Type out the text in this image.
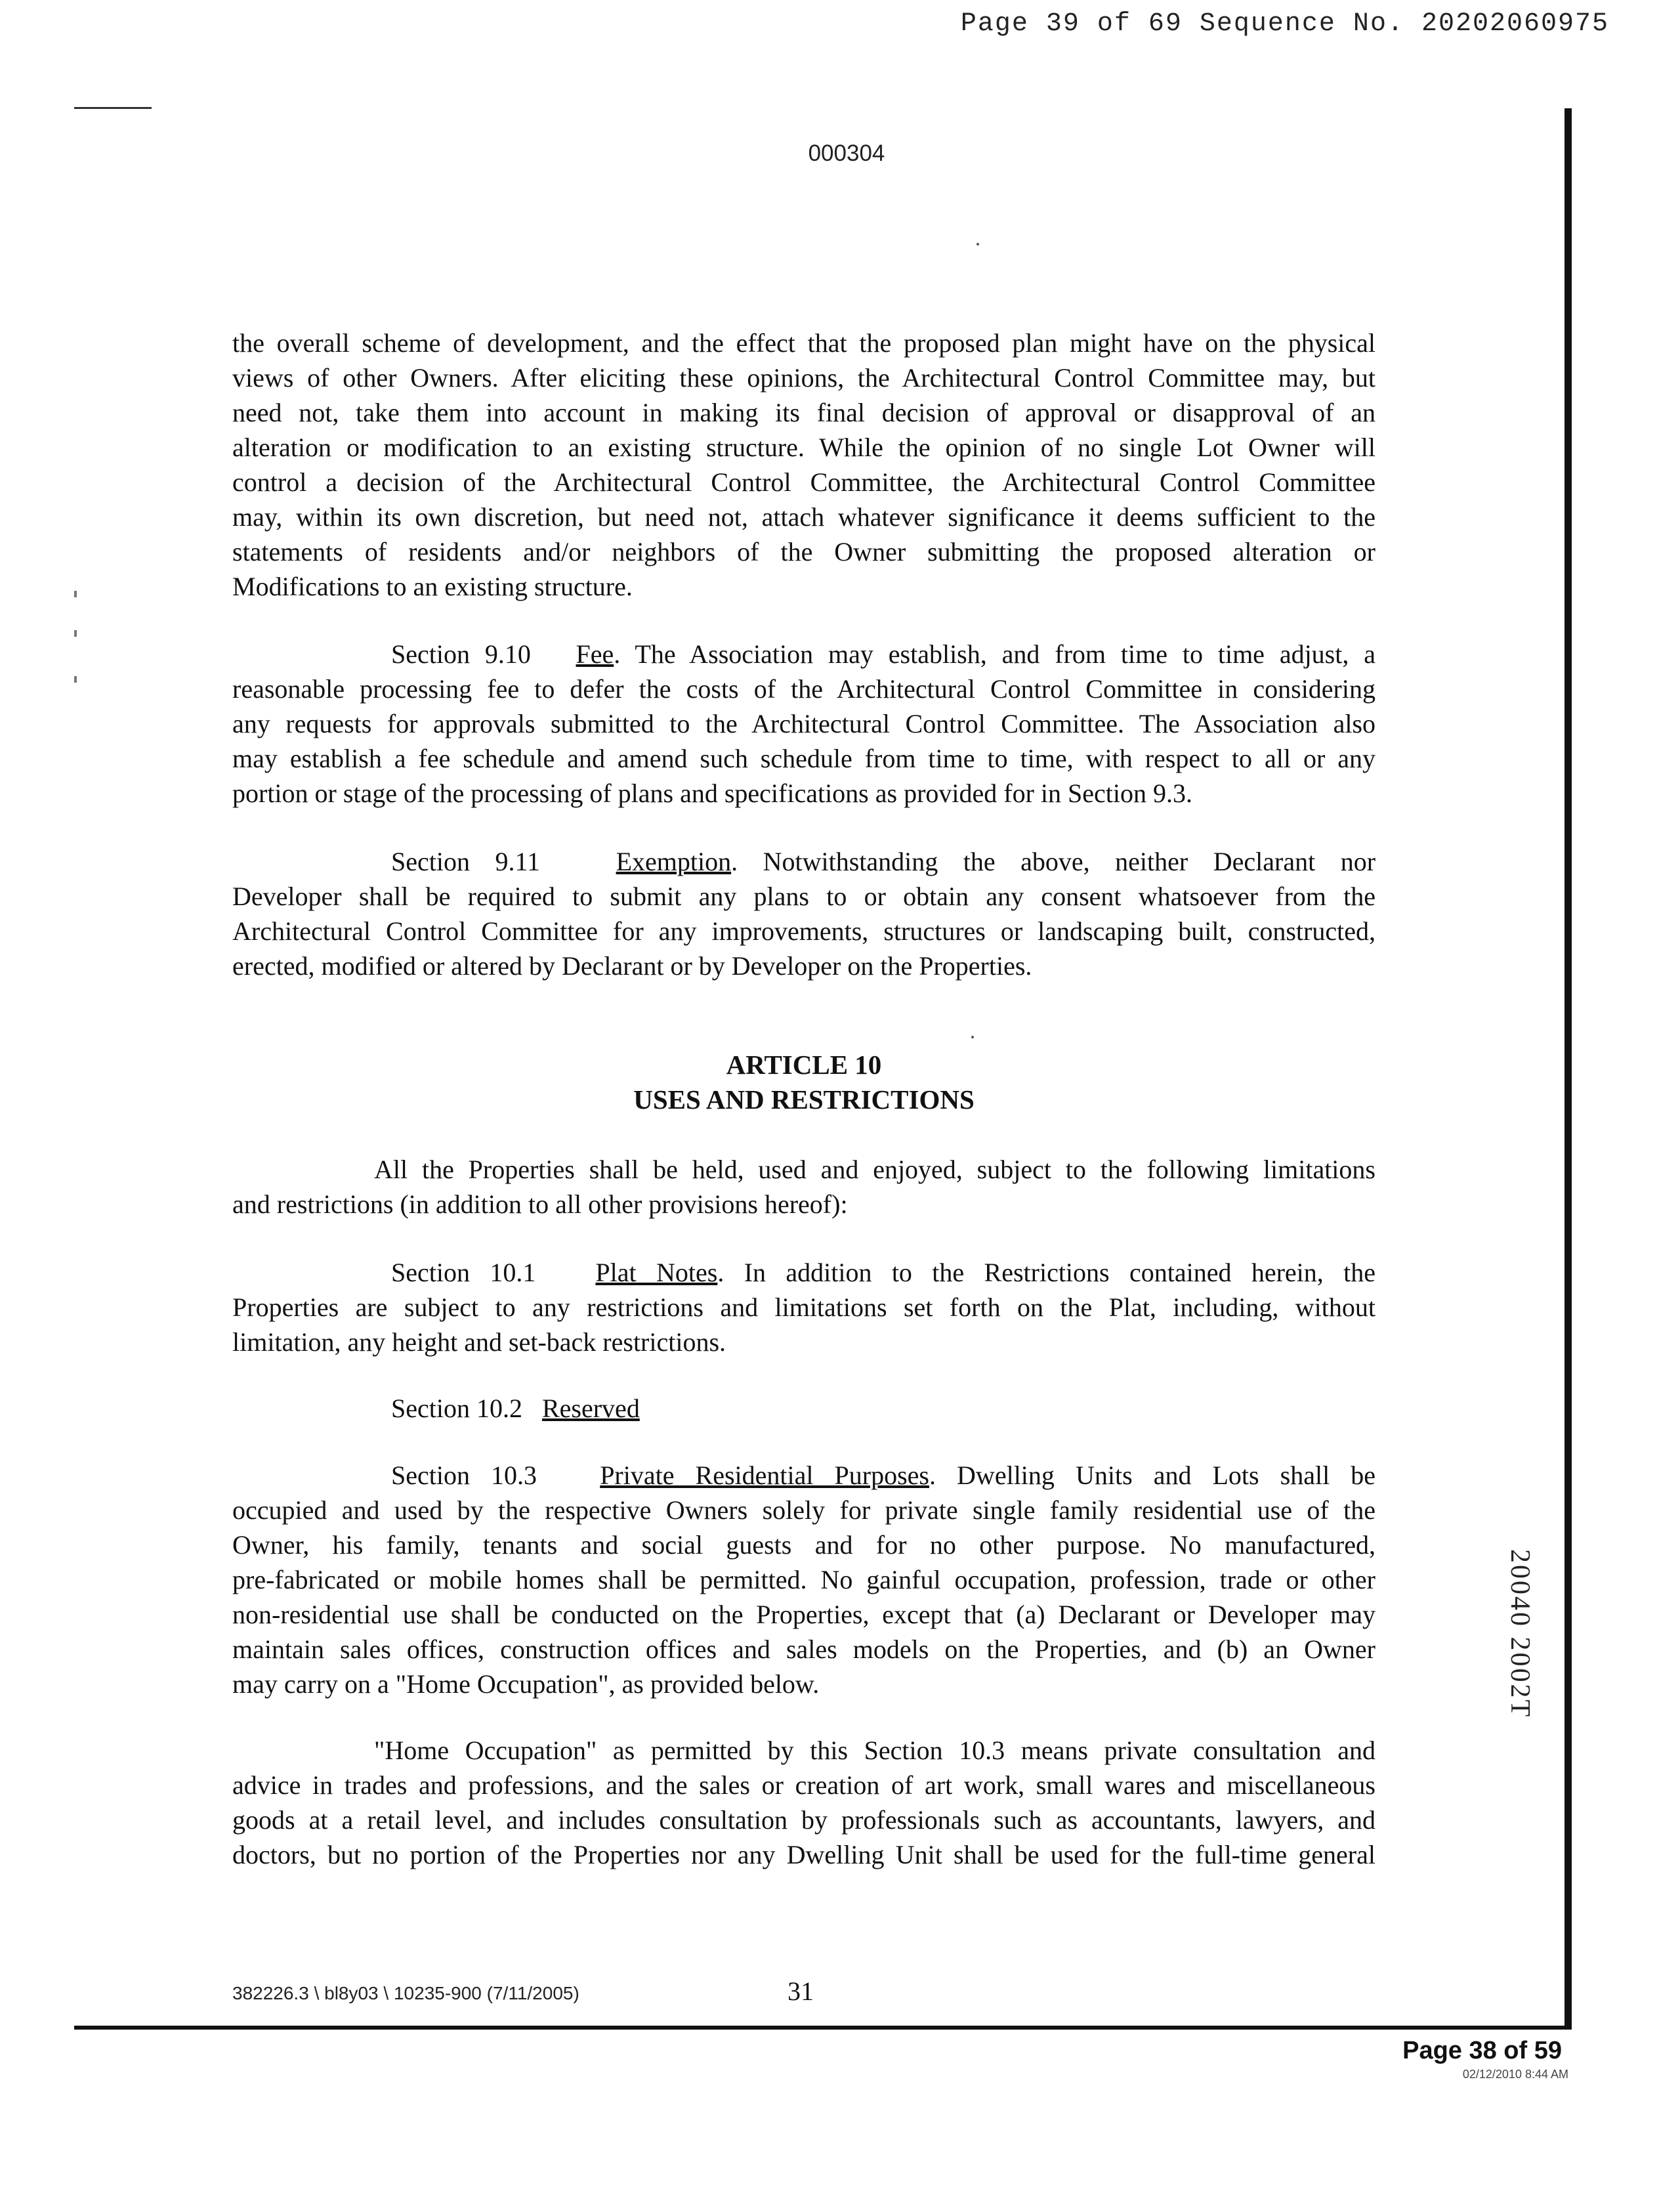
Page 39 of 69 Sequence No. 20202060975
000304
the overall scheme of development, and the effect that the proposed plan might have on the physical
views of other Owners. After eliciting these opinions, the Architectural Control Committee may, but
need not, take them into account in making its final decision of approval or disapproval of an
alteration or modification to an existing structure. While the opinion of no single Lot Owner will
control a decision of the Architectural Control Committee, the Architectural Control Committee
may, within its own discretion, but need not, attach whatever significance it deems sufficient to the
statements of residents and/or neighbors of the Owner submitting the proposed alteration or
Modifications to an existing structure.
Section 9.10 Fee. The Association may establish, and from time to time adjust, a
reasonable processing fee to defer the costs of the Architectural Control Committee in considering
any requests for approvals submitted to the Architectural Control Committee. The Association also
may establish a fee schedule and amend such schedule from time to time, with respect to all or any
portion or stage of the processing of plans and specifications as provided for in Section 9.3.
Section 9.11	Exemption. Notwithstanding the above, neither Declarant nor
Developer shall be required to submit any plans to or obtain any consent whatsoever from the
Architectural Control Committee for any improvements, structures or landscaping built, constructed,
erected, modified or altered by Declarant or by Developer on the Properties.
ARTICLE 10
USES AND RESTRICTIONS
All the Properties shall be held, used and enjoyed, subject to the following limitations
and restrictions (in addition to all other provisions hereof):
Section 10.1 Plat Notes. In addition to the Restrictions contained herein, the
Properties are subject to any restrictions and limitations set forth on the Plat, including, without
limitation, any height and set-back restrictions.
Section 10.2 Reserved
Section 10.3 Private Residential Purposes. Dwelling Units and Lots shall be
occupied and used by the respective Owners solely for private single family residential use of the
Owner, his family, tenants and social guests and for no other purpose. No manufactured,
pre-fabricated or mobile homes shall be permitted. No gainful occupation, profession, trade or other
non-residential use shall be conducted on the Properties, except that (a) Declarant or Developer may
maintain sales offices, construction offices and sales models on the Properties, and (b) an Owner
may carry on a "Home Occupation", as provided below.
"Home Occupation" as permitted by this Section 10.3 means private consultation and
advice in trades and professions, and the sales or creation of art work, small wares and miscellaneous
goods at a retail level, and includes consultation by professionals such as accountants, lawyers, and
doctors, but no portion of the Properties nor any Dwelling Unit shall be used for the full-time general
20040 2002T
382226.3 \ bl8y03 \ 10235-900 (7/11/2005)	31
Page 38 of 59
02/12/2010 8:44 AM
